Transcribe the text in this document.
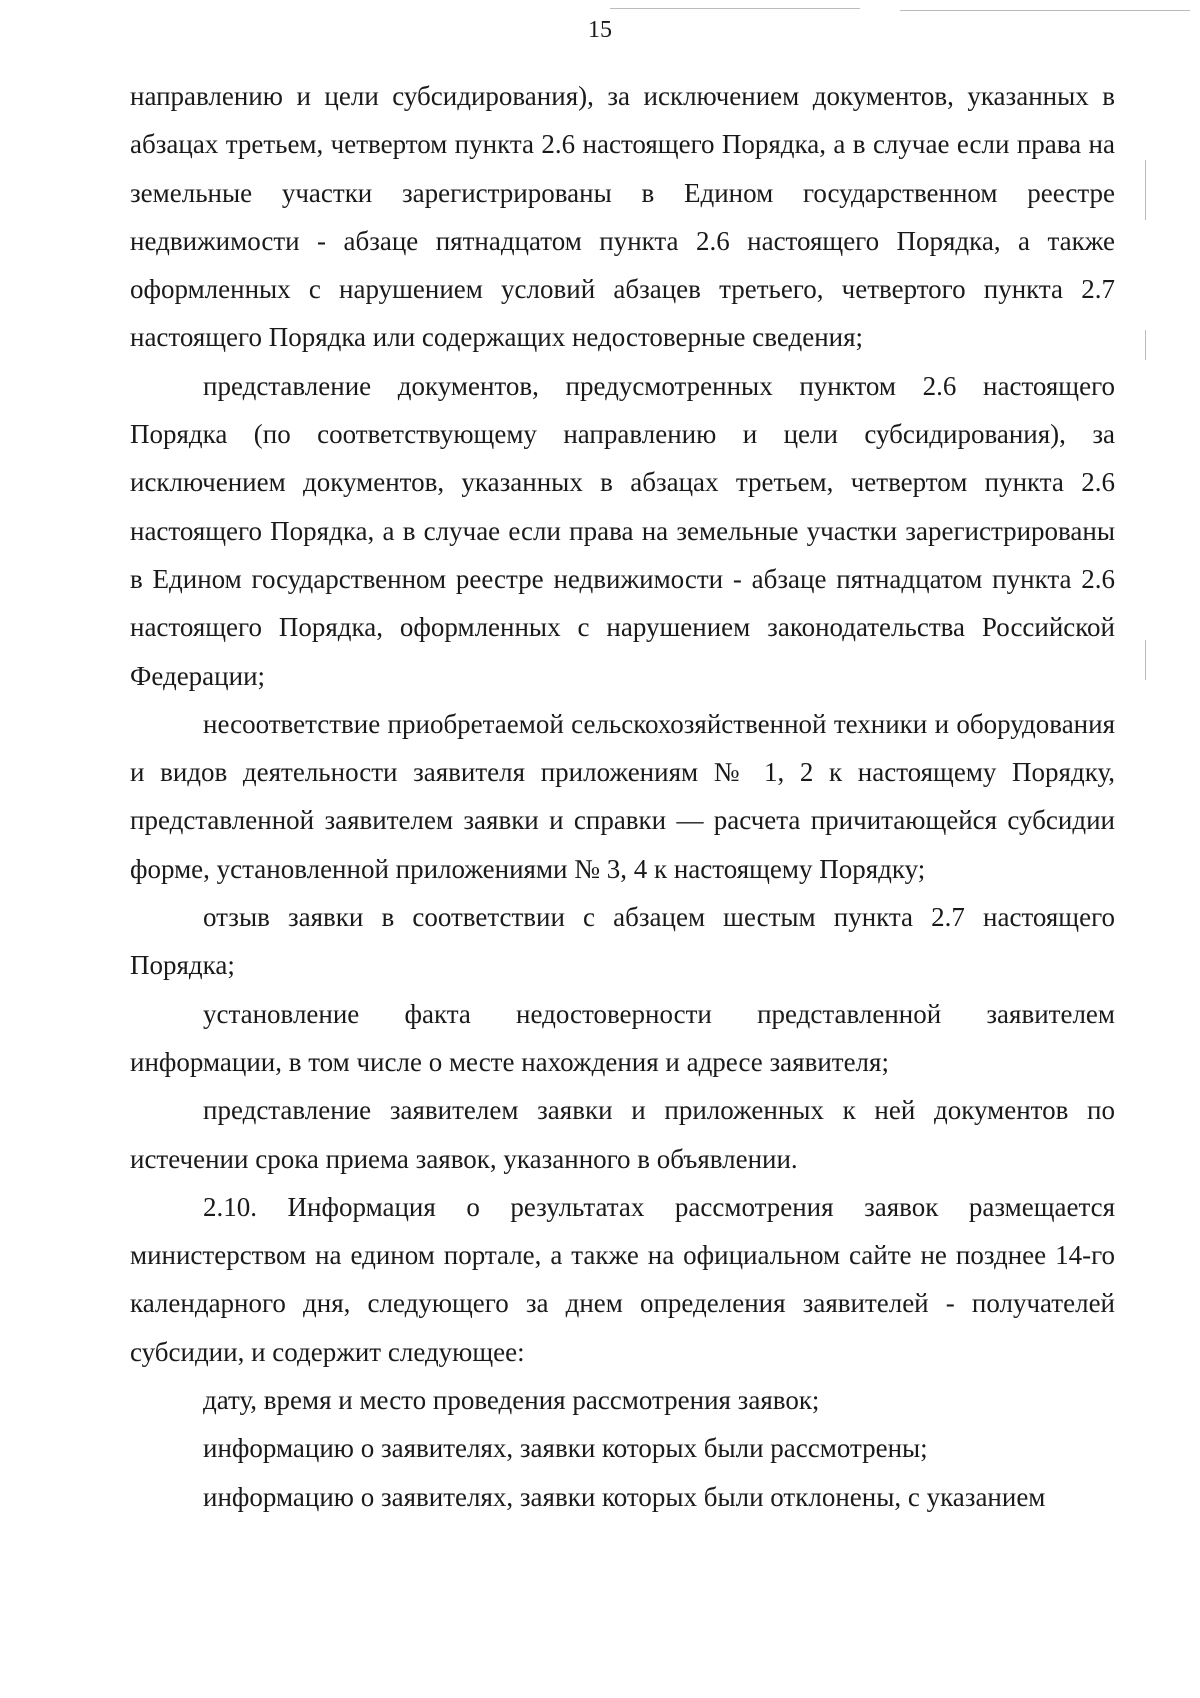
15

направлению и цели субсидирования), за исключением документов, указанных в абзацах третьем, четвертом пункта 2.6 настоящего Порядка, а в случае если права на земельные участки зарегистрированы в Едином государственном реестре недвижимости - абзаце пятнадцатом пункта 2.6 настоящего Порядка, а также оформленных с нарушением условий абзацев третьего, четвертого пункта 2.7 настоящего Порядка или содержащих недостоверные сведения;

представление документов, предусмотренных пунктом 2.6 настоящего Порядка (по соответствующему направлению и цели субсидирования), за исключением документов, указанных в абзацах третьем, четвертом пункта 2.6 настоящего Порядка, а в случае если права на земельные участки зарегистрированы в Едином государственном реестре недвижимости - абзаце пятнадцатом пункта 2.6 настоящего Порядка, оформленных с нарушением законодательства Российской Федерации;

несоответствие приобретаемой сельскохозяйственной техники и оборудования и видов деятельности заявителя приложениям № 1, 2 к настоящему Порядку, представленной заявителем заявки и справки — расчета причитающейся субсидии форме, установленной приложениями № 3, 4 к настоящему Порядку;

отзыв заявки в соответствии с абзацем шестым пункта 2.7 настоящего Порядка;

установление факта недостоверности представленной заявителем информации, в том числе о месте нахождения и адресе заявителя;

представление заявителем заявки и приложенных к ней документов по истечении срока приема заявок, указанного в объявлении.

2.10. Информация о результатах рассмотрения заявок размещается министерством на едином портале, а также на официальном сайте не позднее 14-го календарного дня, следующего за днем определения заявителей - получателей субсидии, и содержит следующее:

дату, время и место проведения рассмотрения заявок;

информацию о заявителях, заявки которых были рассмотрены;

информацию о заявителях, заявки которых были отклонены, с указанием
